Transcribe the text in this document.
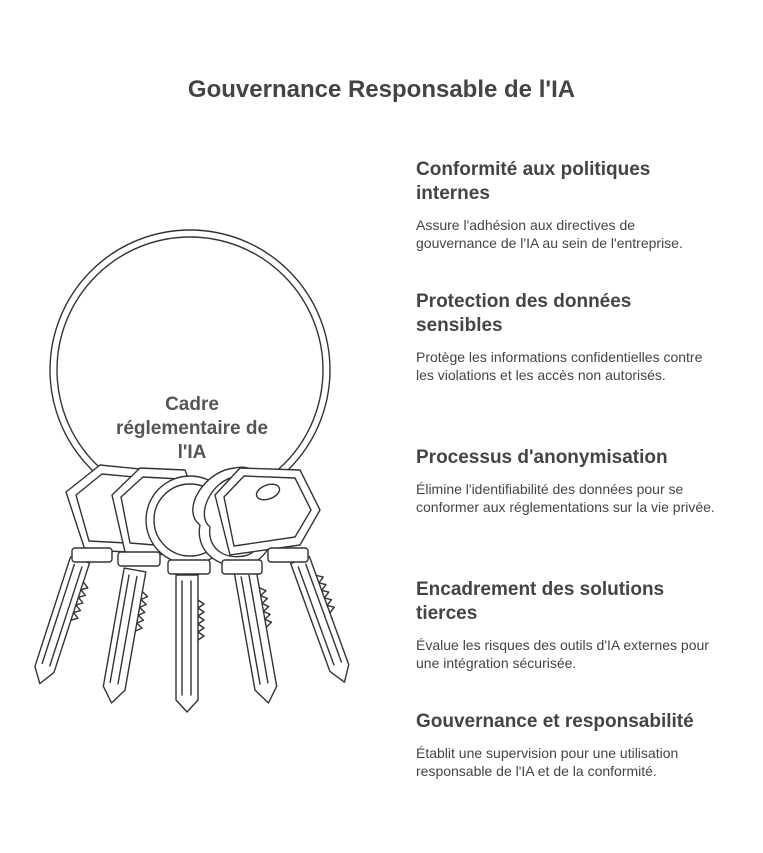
Gouvernance Responsable de l'IA
Cadre réglementaire de l'IA
Conformité aux politiques internes

Assure l'adhésion aux directives de gouvernance de l'IA au sein de l'entreprise.

Protection des données sensibles

Protège les informations confidentielles contre les violations et les accès non autorisés.

Processus d'anonymisation

Élimine l'identifiabilité des données pour se conformer aux réglementations sur la vie privée.

Encadrement des solutions tierces

Évalue les risques des outils d'IA externes pour une intégration sécurisée.

Gouvernance et responsabilité

Établit une supervision pour une utilisation responsable de l'IA et de la conformité.
